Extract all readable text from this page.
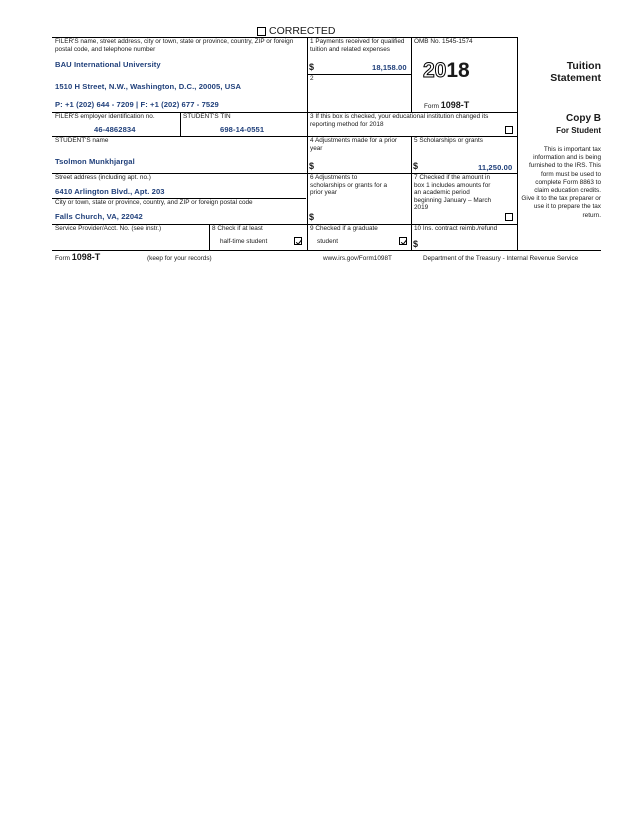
CORRECTED
FILER'S name, street address, city or town, state or province, country, ZIP or foreign postal code, and telephone number
BAU International University
1510 H Street, N.W., Washington, D.C., 20005, USA
P: +1 (202) 644 - 7209 | F: +1 (202) 677 - 7529
1 Payments received for qualified tuition and related expenses
$	18,158.00
2
OMB No. 1545-1574
2018
Form 1098-T
Tuition
Statement
FILER'S employer identification no.
46-4862834
STUDENT'S TIN
698-14-0551
3 If this box is checked, your educational institution changed its reporting method for 2018
Copy B
For Student
This is important tax information and is being furnished to the IRS. This form must be used to complete Form 8863 to claim education credits. Give it to the tax preparer or use it to prepare the tax return.
STUDENT'S name
Tsolmon Munkhjargal
4 Adjustments made for a prior year
$
5 Scholarships or grants
$	11,250.00
Street address (including apt. no.)
6410 Arlington Blvd., Apt. 203
City or town, state or province, country, and ZIP or foreign postal code
Falls Church, VA, 22042
6 Adjustments to scholarships or grants for a prior year
$
7 Checked if the amount in box 1 includes amounts for an academic period beginning January – March 2019
Service Provider/Acct. No. (see instr.)	8 Check if at least
half-time student
9 Checked if a graduate
student
10 Ins. contract reimb./refund
$
Form 1098-T	(keep for your records)	www.irs.gov/Form1098T	Department of the Treasury - Internal Revenue Service
